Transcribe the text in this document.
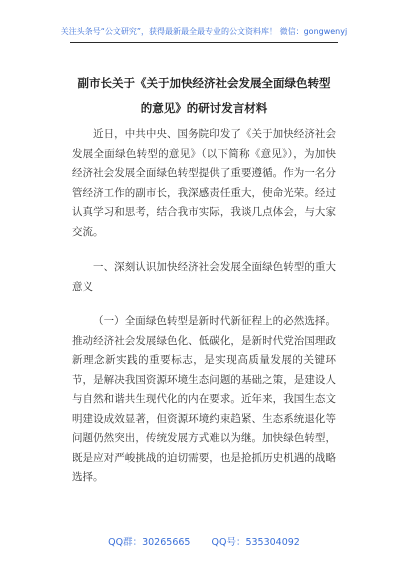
关注头条号“公文研究”，获得最新最全最专业的公文资料库！ 微信：gongwenyj
副市长关于《关于加快经济社会发展全面绿色转型的意见》的研讨发言材料
近日，中共中央、国务院印发了《关于加快经济社会发展全面绿色转型的意见》（以下简称《意见》），为加快经济社会发展全面绿色转型提供了重要遵循。作为一名分管经济工作的副市长，我深感责任重大，使命光荣。经过认真学习和思考，结合我市实际，我谈几点体会，与大家交流。
一、深刻认识加快经济社会发展全面绿色转型的重大意义
（一）全面绿色转型是新时代新征程上的必然选择。推动经济社会发展绿色化、低碳化，是新时代党治国理政新理念新实践的重要标志，是实现高质量发展的关键环节，是解决我国资源环境生态问题的基础之策，是建设人与自然和谐共生现代化的内在要求。近年来，我国生态文明建设成效显著，但资源环境约束趋紧、生态系统退化等问题仍然突出，传统发展方式难以为继。加快绿色转型，既是应对严峻挑战的迫切需要，也是抢抓历史机遇的战略选择。
QQ群：30265665 QQ号：535304092
